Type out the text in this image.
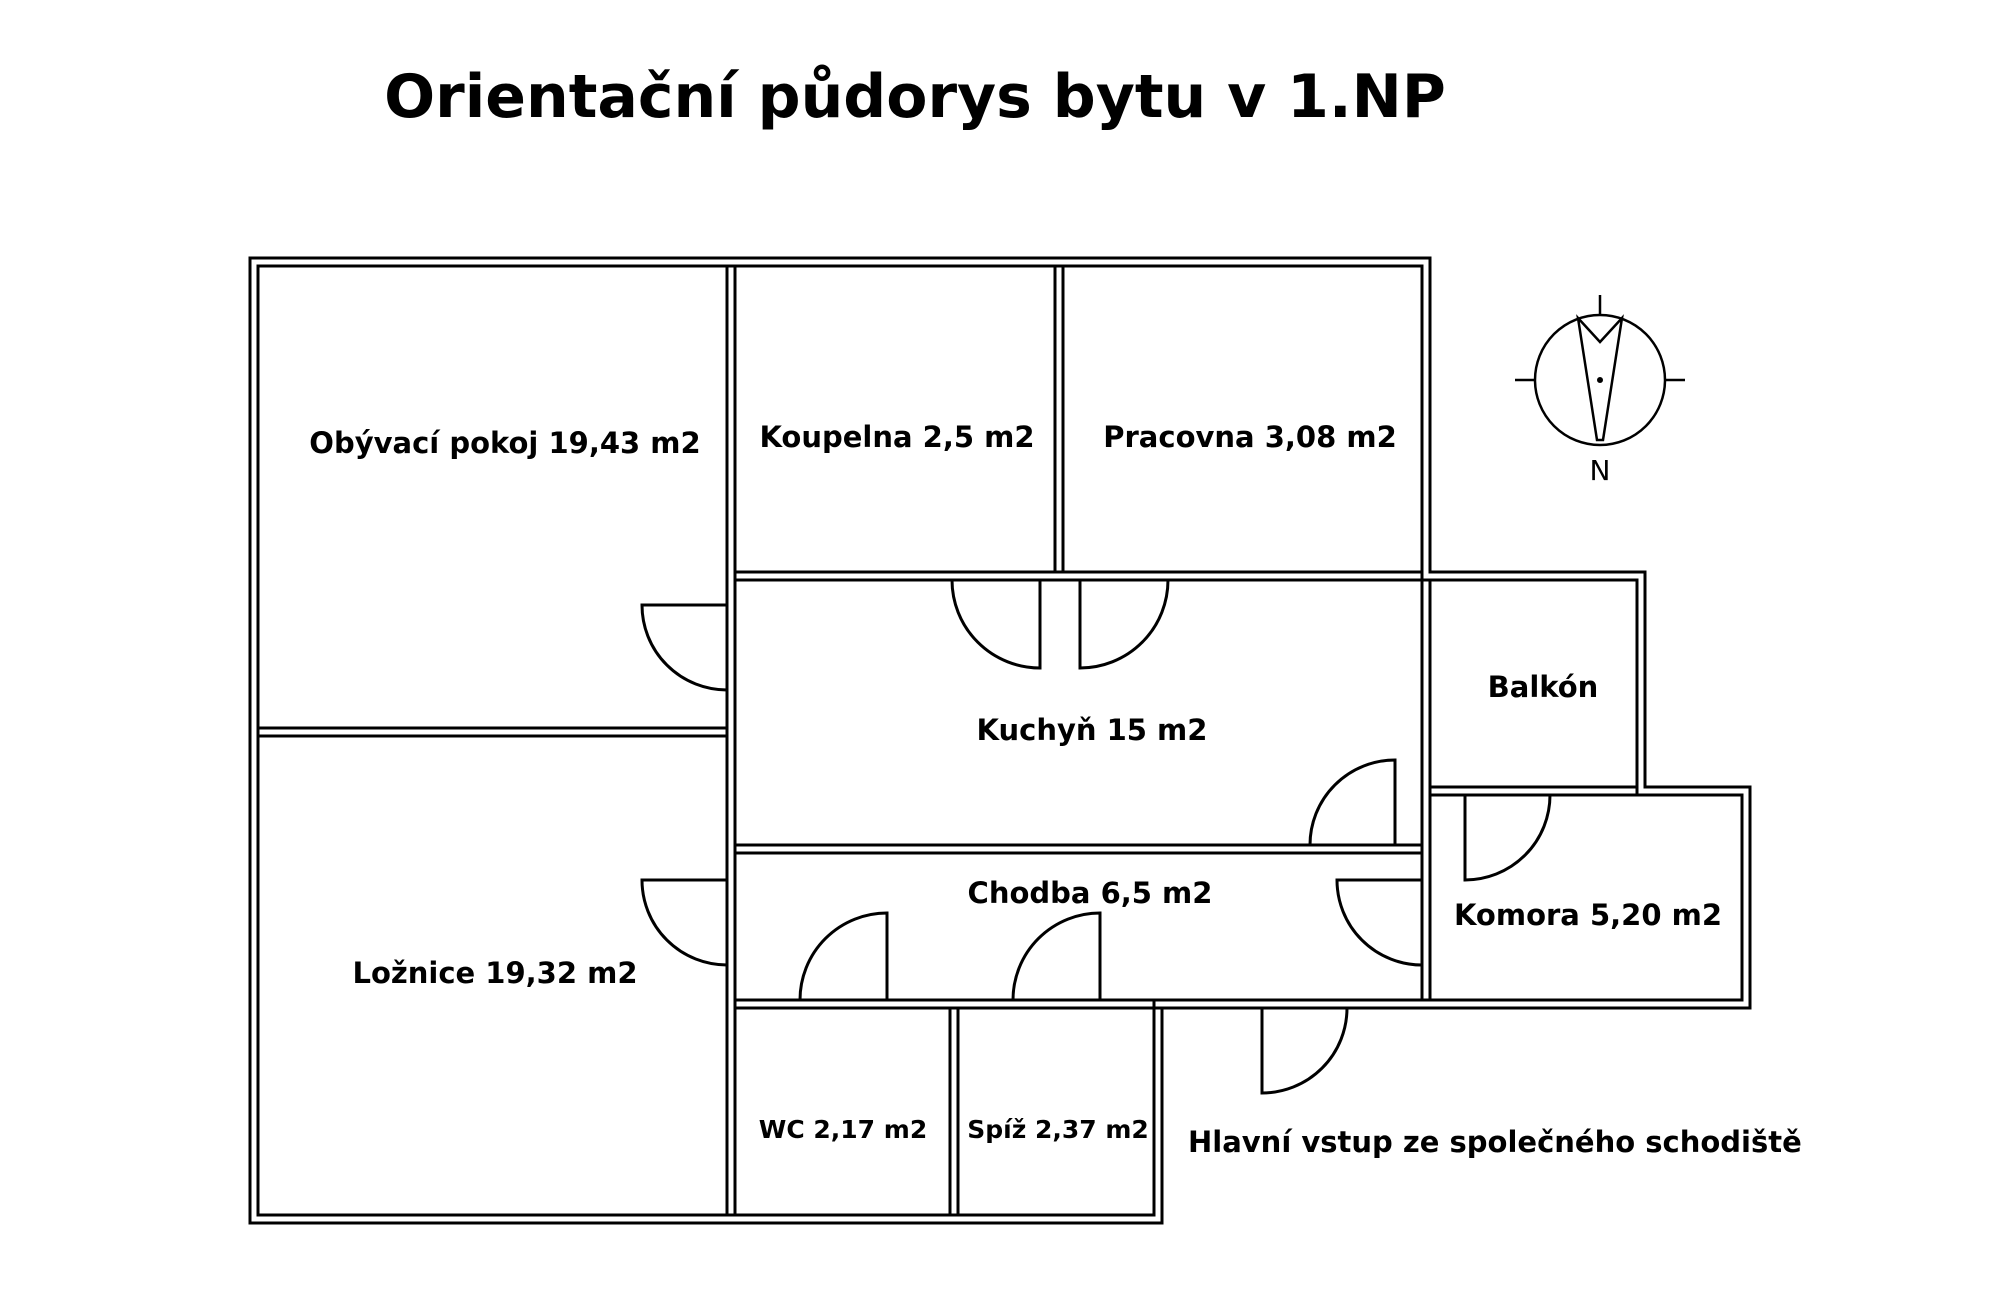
Orientační půdorys bytu v 1.NP
Obývací pokoj 19,43 m2 Koupelna 2,5 m2 Pracovna 3,08 m2
Kuchyň 15 m2
Balkón
Komora 5,20 m2
Chodba 6,5 m2
Ložnice 19,32 m2
WC 2,17 m2 Spíž 2,37 m2 Hlavní vstup ze společného schodiště
N
